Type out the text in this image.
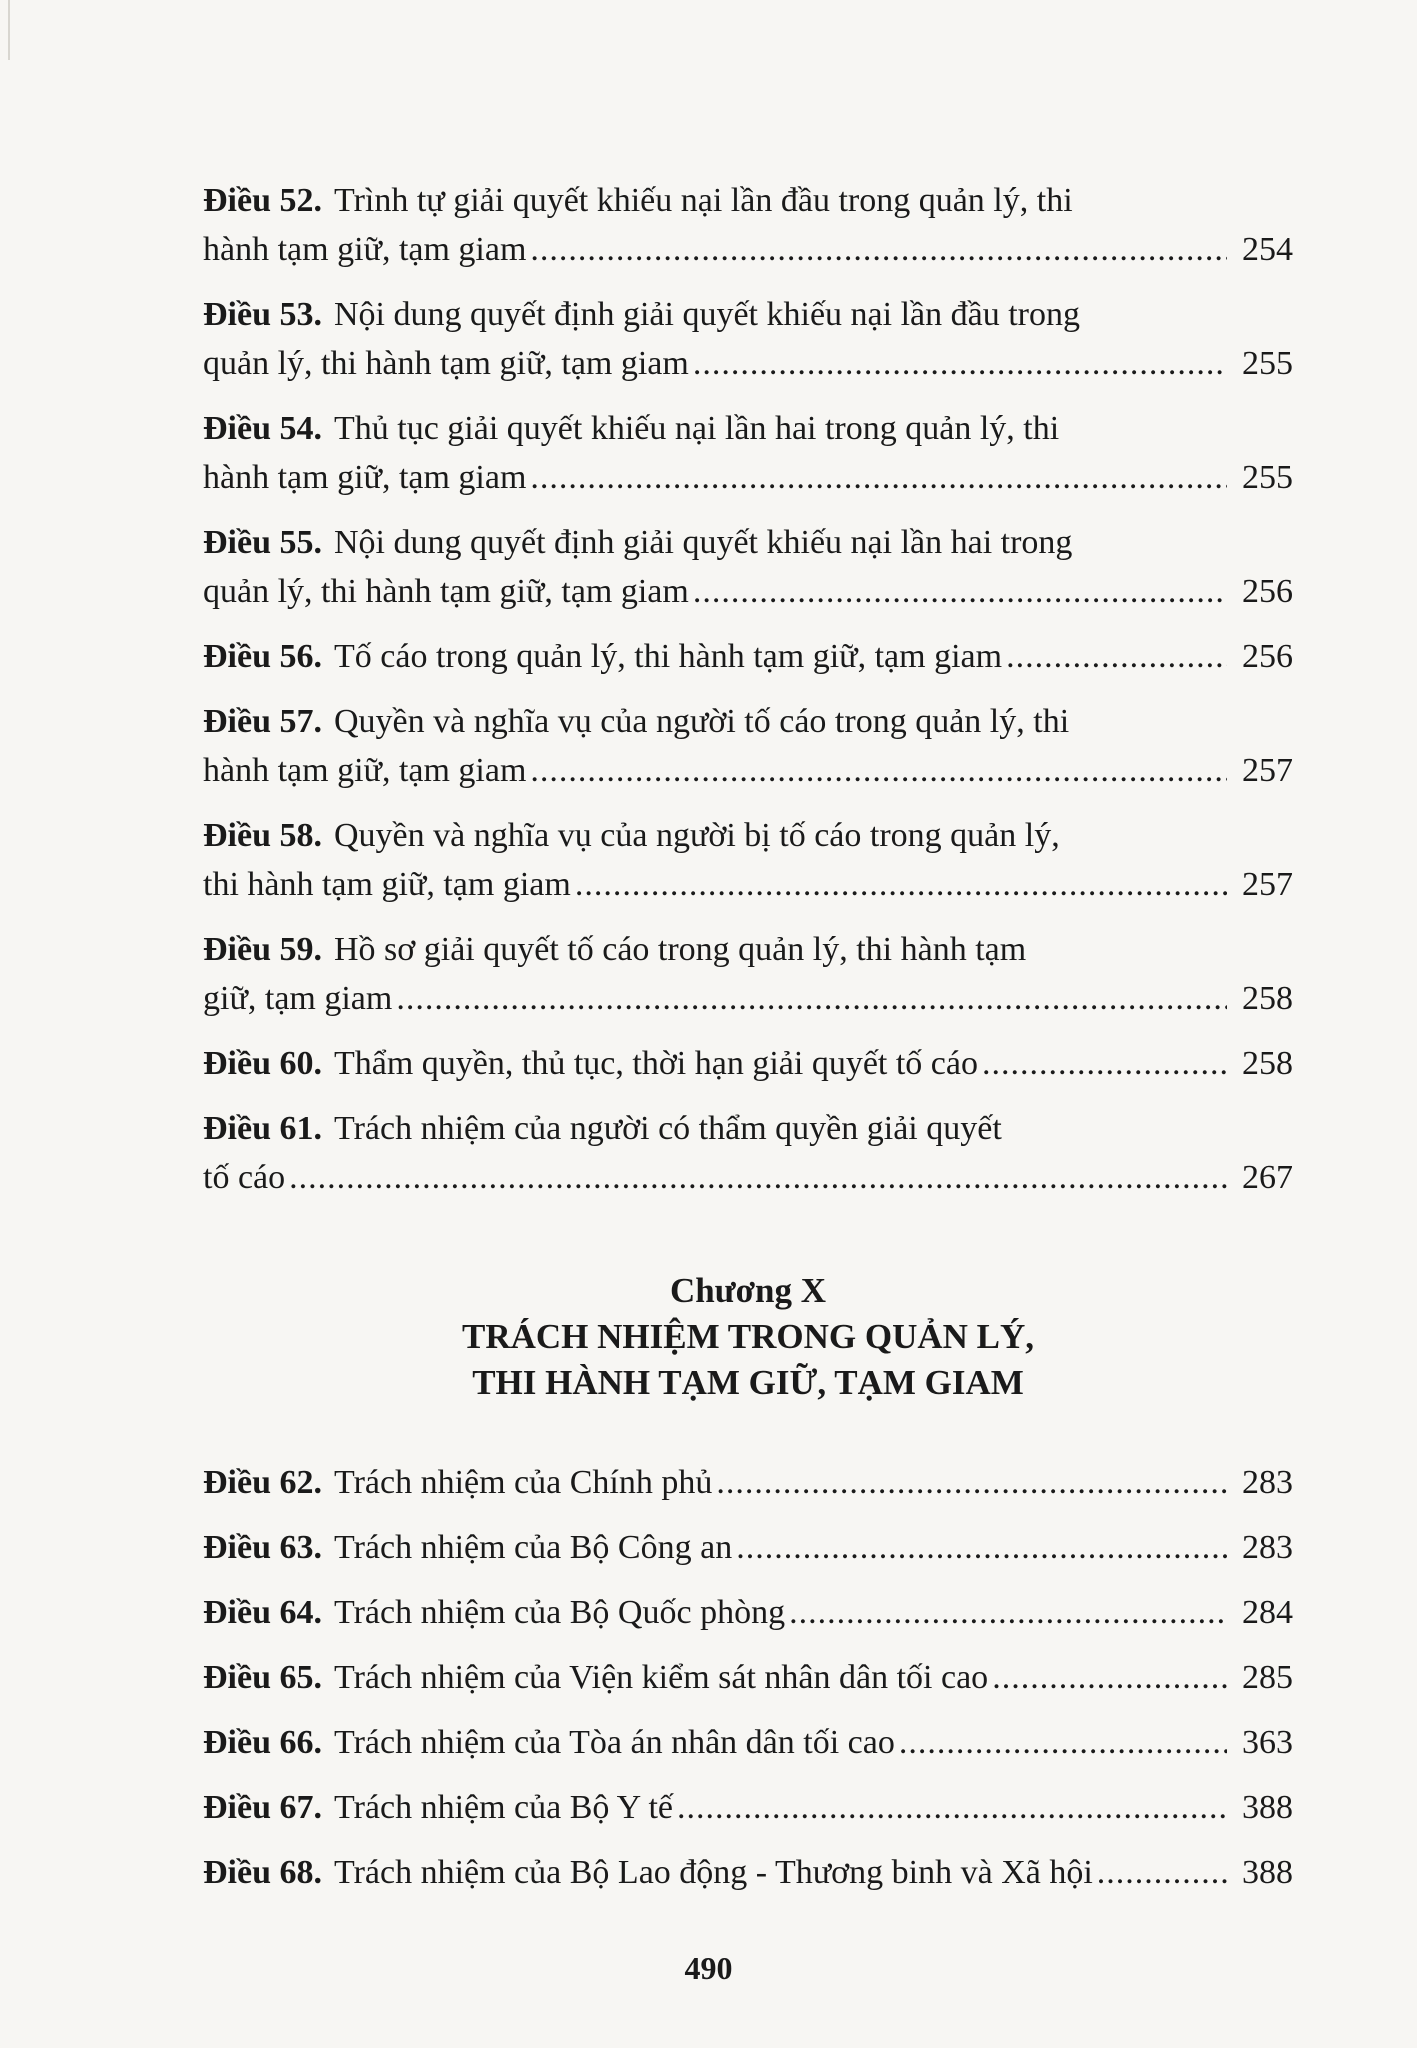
Điều 52. Trình tự giải quyết khiếu nại lần đầu trong quản lý, thi
hành tạm giữ, tạm giam .....	254
Điều 53. Nội dung quyết định giải quyết khiếu nại lần đầu trong
quản lý, thi hành tạm giữ, tạm giam .....	255
Điều 54. Thủ tục giải quyết khiếu nại lần hai trong quản lý, thi
hành tạm giữ, tạm giam .....	255
Điều 55. Nội dung quyết định giải quyết khiếu nại lần hai trong
quản lý, thi hành tạm giữ, tạm giam .....	256
Điều 56. Tố cáo trong quản lý, thi hành tạm giữ, tạm giam .....	256
Điều 57. Quyền và nghĩa vụ của người tố cáo trong quản lý, thi
hành tạm giữ, tạm giam .....	257
Điều 58. Quyền và nghĩa vụ của người bị tố cáo trong quản lý,
thi hành tạm giữ, tạm giam .....	257
Điều 59. Hồ sơ giải quyết tố cáo trong quản lý, thi hành tạm
giữ, tạm giam .....	258
Điều 60. Thẩm quyền, thủ tục, thời hạn giải quyết tố cáo .....	258
Điều 61. Trách nhiệm của người có thẩm quyền giải quyết
tố cáo .....	267
Chương X
TRÁCH NHIỆM TRONG QUẢN LÝ,
THI HÀNH TẠM GIỮ, TẠM GIAM
Điều 62. Trách nhiệm của Chính phủ .....	283
Điều 63. Trách nhiệm của Bộ Công an .....	283
Điều 64. Trách nhiệm của Bộ Quốc phòng .....	284
Điều 65. Trách nhiệm của Viện kiểm sát nhân dân tối cao .....	285
Điều 66. Trách nhiệm của Tòa án nhân dân tối cao .....	363
Điều 67. Trách nhiệm của Bộ Y tế .....	388
Điều 68. Trách nhiệm của Bộ Lao động - Thương binh và Xã hội .....	388
490
